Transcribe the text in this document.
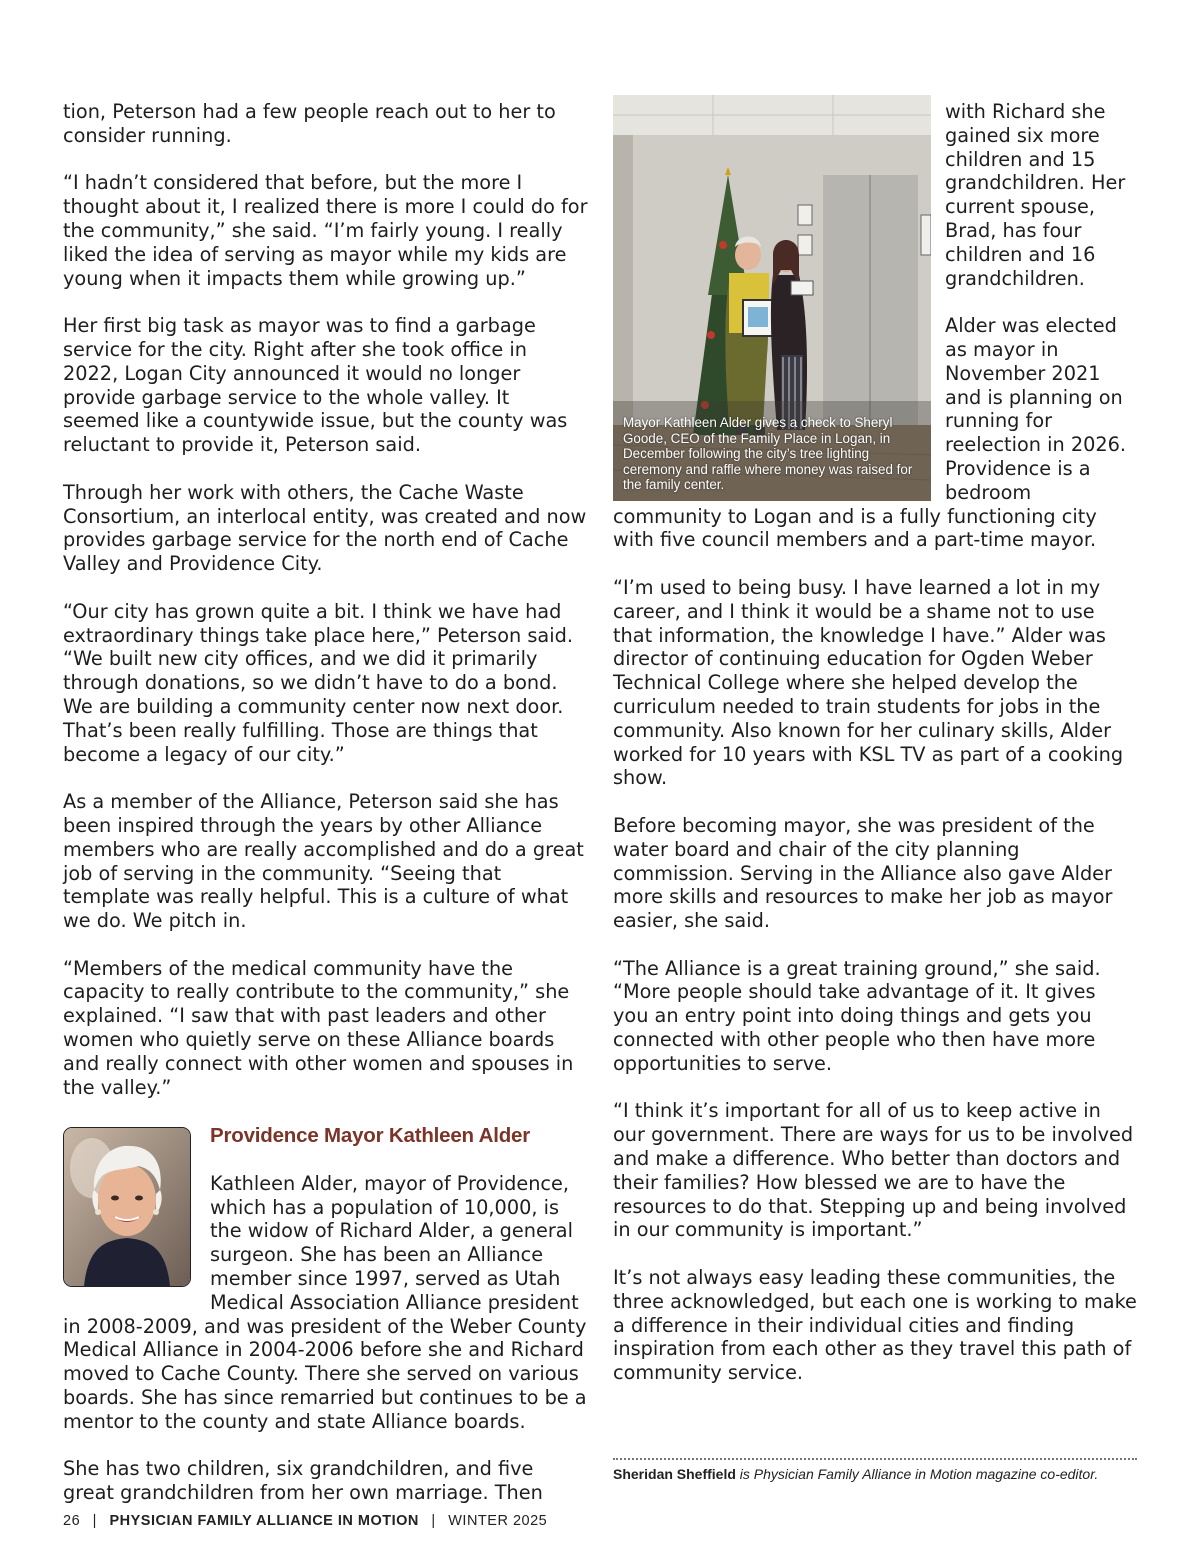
tion, Peterson had a few people reach out to her to consider running.

“I hadn’t considered that before, but the more I thought about it, I realized there is more I could do for the community,” she said. “I’m fairly young. I really liked the idea of serving as mayor while my kids are young when it impacts them while growing up.”

Her first big task as mayor was to find a garbage service for the city. Right after she took office in 2022, Logan City announced it would no longer provide garbage service to the whole valley. It seemed like a countywide issue, but the county was reluctant to provide it, Peterson said.

Through her work with others, the Cache Waste Consortium, an interlocal entity, was created and now provides garbage service for the north end of Cache Valley and Providence City.

“Our city has grown quite a bit. I think we have had extraordinary things take place here,” Peterson said. “We built new city offices, and we did it primarily through donations, so we didn’t have to do a bond. We are building a community center now next door. That’s been really fulfilling. Those are things that become a legacy of our city.”

As a member of the Alliance, Peterson said she has been inspired through the years by other Alliance members who are really accomplished and do a great job of serving in the community. “Seeing that template was really helpful. This is a culture of what we do. We pitch in.

“Members of the medical community have the capacity to really contribute to the community,” she explained. “I saw that with past leaders and other women who quietly serve on these Alliance boards and really connect with other women and spouses in the valley.”

Providence Mayor Kathleen Alder

Kathleen Alder, mayor of Providence, which has a population of 10,000, is the widow of Richard Alder, a general surgeon. She has been an Alliance member since 1997, served as Utah Medical Association Alliance president in 2008-2009, and was president of the Weber County Medical Alliance in 2004-2006 before she and Richard moved to Cache County. There she served on various boards. She has since remarried but continues to be a mentor to the county and state Alliance boards.

She has two children, six grandchildren, and five great grandchildren from her own marriage. Then

Mayor Kathleen Alder gives a check to Sheryl Goode, CEO of the Family Place in Logan, in December following the city’s tree lighting ceremony and raffle where money was raised for the family center.

with Richard she gained six more children and 15 grandchildren. Her current spouse, Brad, has four children and 16 grandchildren.

Alder was elected as mayor in November 2021 and is planning on running for reelection in 2026. Providence is a bedroom community to Logan and is a fully functioning city with five council members and a part-time mayor.

“I’m used to being busy. I have learned a lot in my career, and I think it would be a shame not to use that information, the knowledge I have.” Alder was director of continuing education for Ogden Weber Technical College where she helped develop the curriculum needed to train students for jobs in the community. Also known for her culinary skills, Alder worked for 10 years with KSL TV as part of a cooking show.

Before becoming mayor, she was president of the water board and chair of the city planning commission. Serving in the Alliance also gave Alder more skills and resources to make her job as mayor easier, she said.

“The Alliance is a great training ground,” she said. “More people should take advantage of it. It gives you an entry point into doing things and gets you connected with other people who then have more opportunities to serve.

“I think it’s important for all of us to keep active in our government. There are ways for us to be involved and make a difference. Who better than doctors and their families? How blessed we are to have the resources to do that. Stepping up and being involved in our community is important.”

It’s not always easy leading these communities, the three acknowledged, but each one is working to make a difference in their individual cities and finding inspiration from each other as they travel this path of community service.

Sheridan Sheffield is Physician Family Alliance in Motion magazine co-editor.
26 | PHYSICIAN FAMILY ALLIANCE IN MOTION | WINTER 2025
